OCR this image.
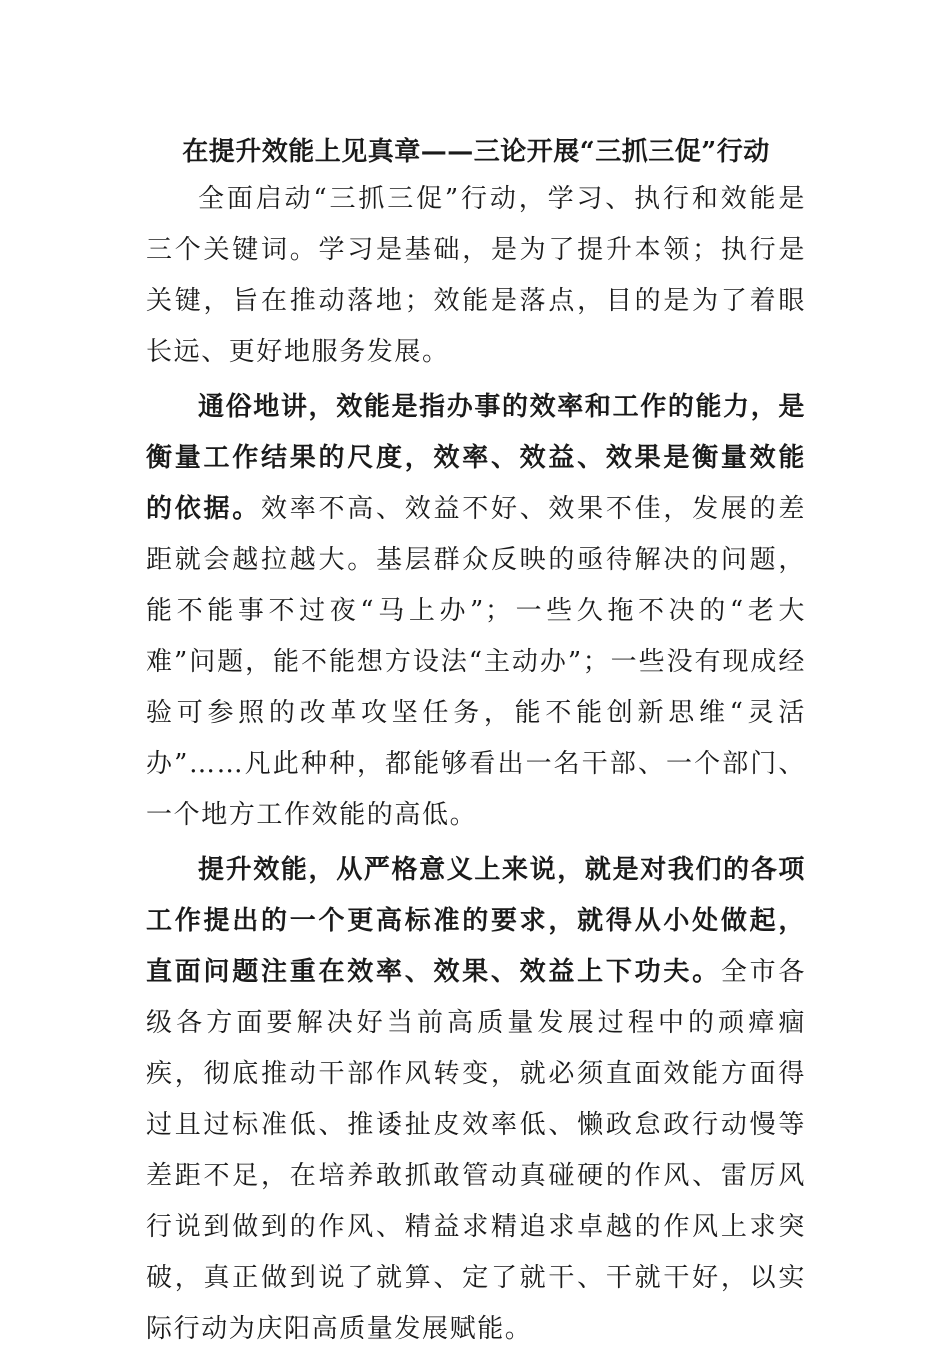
在提升效能上见真章——三论开展“三抓三促”行动

全面启动“三抓三促”行动，学习、执行和效能是三个关键词。学习是基础，是为了提升本领；执行是关键，旨在推动落地；效能是落点，目的是为了着眼长远、更好地服务发展。

通俗地讲，效能是指办事的效率和工作的能力，是衡量工作结果的尺度，效率、效益、效果是衡量效能的依据。效率不高、效益不好、效果不佳，发展的差距就会越拉越大。基层群众反映的亟待解决的问题，能不能事不过夜“马上办”；一些久拖不决的“老大难”问题，能不能想方设法“主动办”；一些没有现成经验可参照的改革攻坚任务，能不能创新思维“灵活办”……凡此种种，都能够看出一名干部、一个部门、一个地方工作效能的高低。

提升效能，从严格意义上来说，就是对我们的各项工作提出的一个更高标准的要求，就得从小处做起，直面问题注重在效率、效果、效益上下功夫。全市各级各方面要解决好当前高质量发展过程中的顽瘴痼疾，彻底推动干部作风转变，就必须直面效能方面得过且过标准低、推诿扯皮效率低、懒政怠政行动慢等差距不足，在培养敢抓敢管动真碰硬的作风、雷厉风行说到做到的作风、精益求精追求卓越的作风上求突破，真正做到说了就算、定了就干、干就干好，以实际行动为庆阳高质量发展赋能。
